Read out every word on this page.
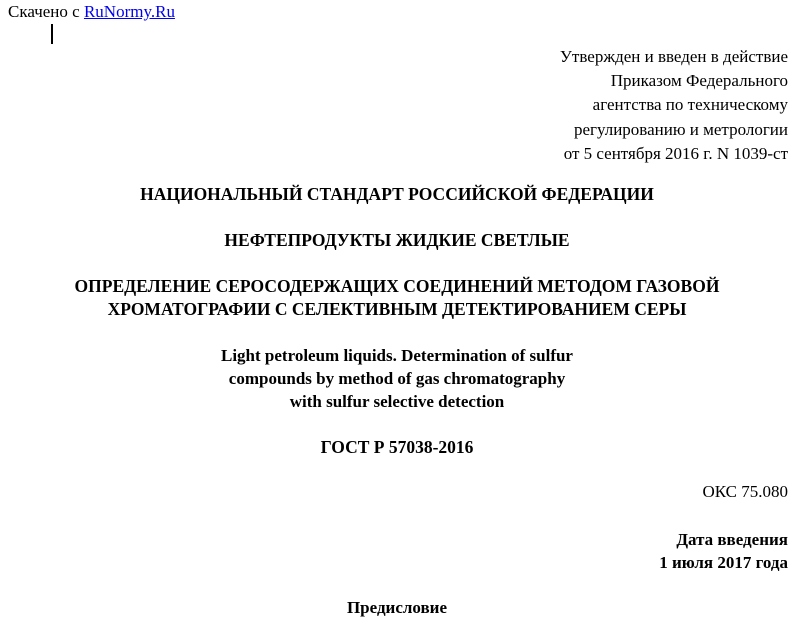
Скачено с RuNormy.Ru
Утвержден и введен в действие
Приказом Федерального
агентства по техническому
регулированию и метрологии
от 5 сентября 2016 г. N 1039-ст
НАЦИОНАЛЬНЫЙ СТАНДАРТ РОССИЙСКОЙ ФЕДЕРАЦИИ
НЕФТЕПРОДУКТЫ ЖИДКИЕ СВЕТЛЫЕ
ОПРЕДЕЛЕНИЕ СЕРОСОДЕРЖАЩИХ СОЕДИНЕНИЙ МЕТОДОМ ГАЗОВОЙ
ХРОМАТОГРАФИИ С СЕЛЕКТИВНЫМ ДЕТЕКТИРОВАНИЕМ СЕРЫ
Light petroleum liquids. Determination of sulfur
compounds by method of gas chromatography
with sulfur selective detection
ГОСТ Р 57038-2016
ОКС 75.080
Дата введения
1 июля 2017 года
Предисловие
